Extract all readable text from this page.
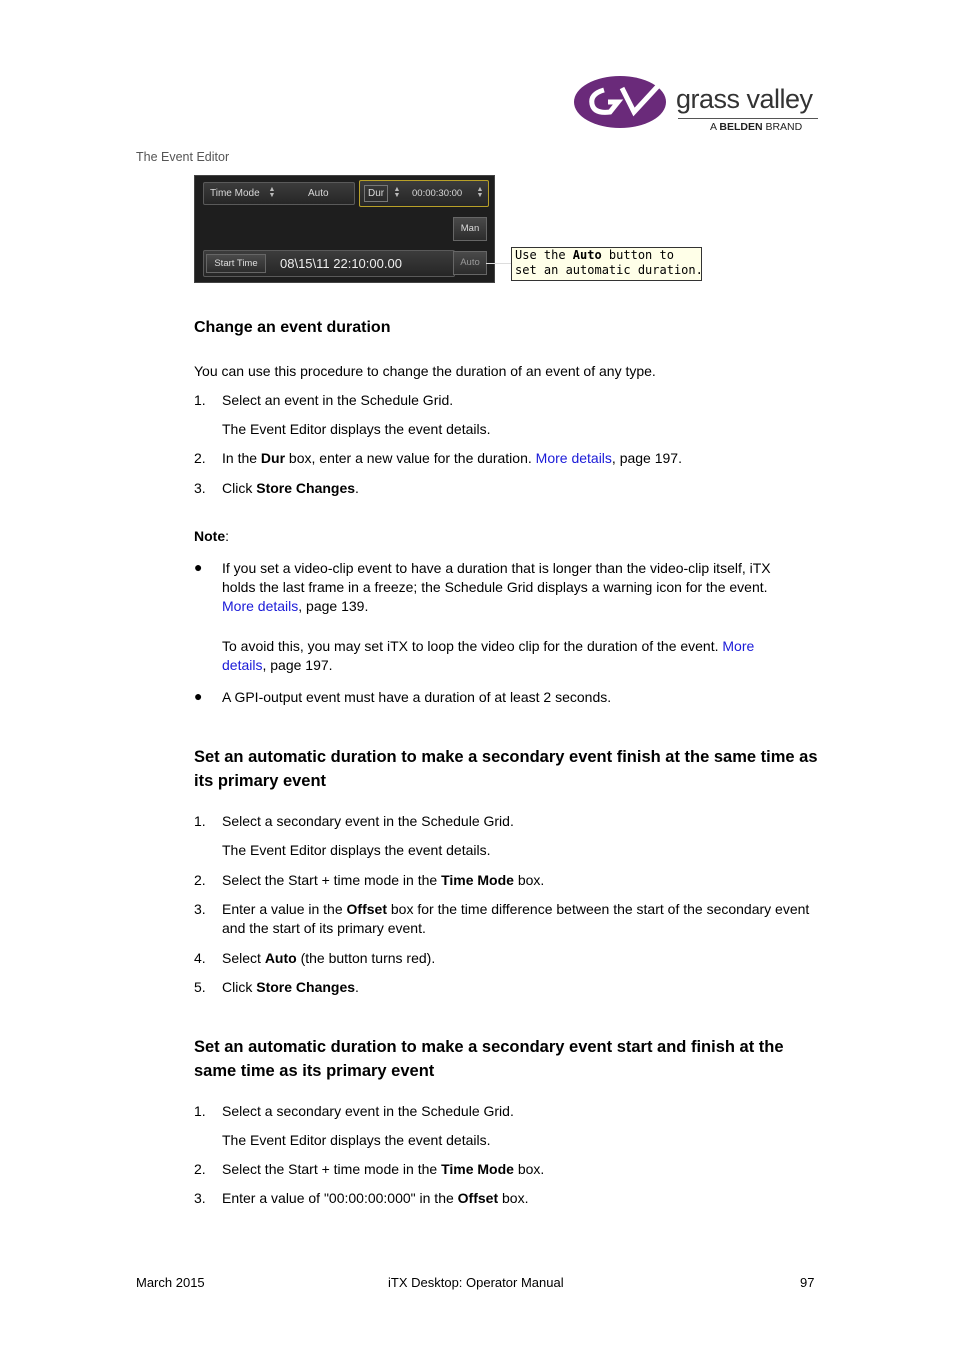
grass valley
A BELDEN BRAND
The Event Editor
Time Mode ▲
▼	Auto	Dur	▲
▼ 00:00:30:00 ▲
▼
Man
Start Time	08\15\11 22:10:00.00	Auto
Use the Auto button to
set an automatic duration.
Change an event duration
You can use this procedure to change the duration of an event of any type.
1. Select an event in the Schedule Grid.
The Event Editor displays the event details.
2. In the Dur box, enter a new value for the duration. More details, page 197.
3. Click Store Changes.
Note:
● If you set a video-clip event to have a duration that is longer than the video-clip itself, iTX
holds the last frame in a freeze; the Schedule Grid displays a warning icon for the event.
More details, page 139.
To avoid this, you may set iTX to loop the video clip for the duration of the event. More
details, page 197.
● A GPI-output event must have a duration of at least 2 seconds.
Set an automatic duration to make a secondary event finish at the same time as its primary event
1. Select a secondary event in the Schedule Grid.
The Event Editor displays the event details.
2. Select the Start + time mode in the Time Mode box.
3. Enter a value in the Offset box for the time difference between the start of the secondary event and the start of its primary event.
4. Select Auto (the button turns red).
5. Click Store Changes.
Set an automatic duration to make a secondary event start and finish at the same time as its primary event
1. Select a secondary event in the Schedule Grid.
The Event Editor displays the event details.
2. Select the Start + time mode in the Time Mode box.
3. Enter a value of "00:00:00:000" in the Offset box.
March 2015	iTX Desktop: Operator Manual	97
